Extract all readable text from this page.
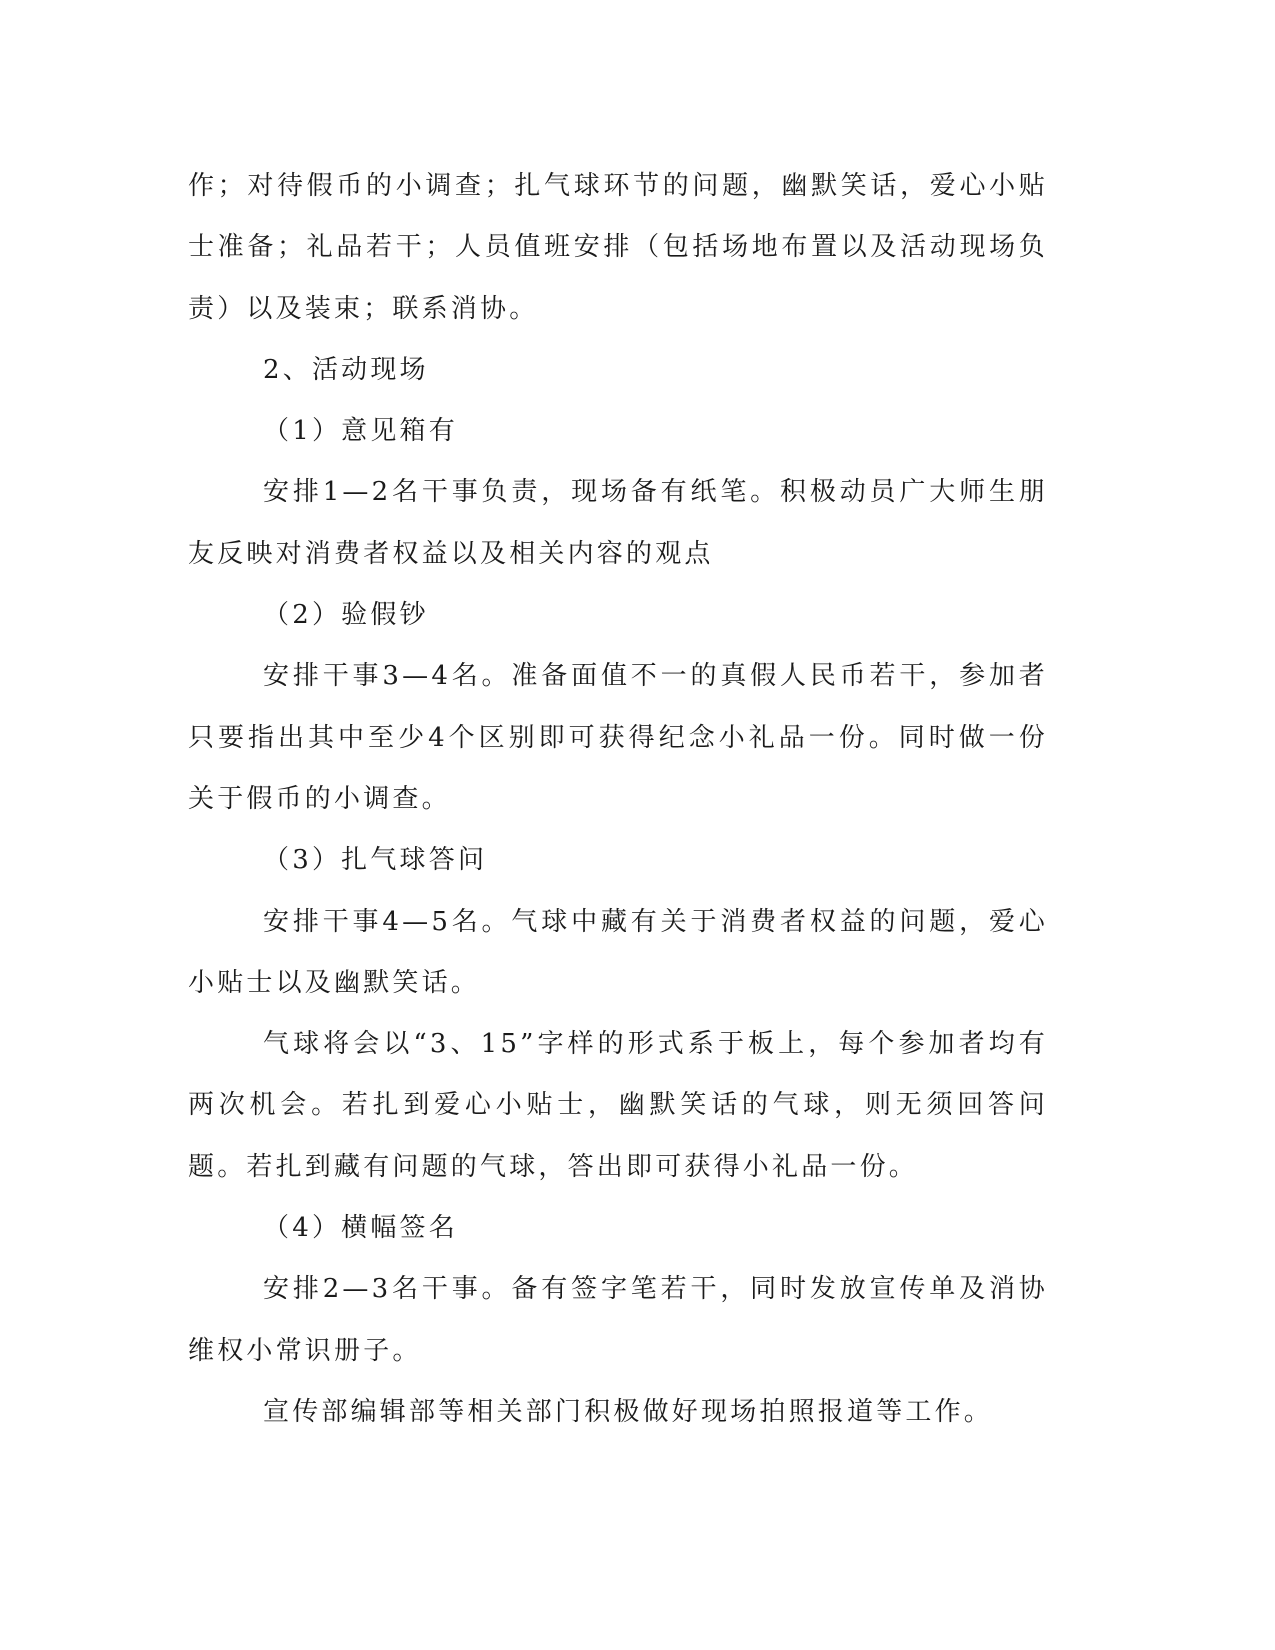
作；对待假币的小调查；扎气球环节的问题，幽默笑话，爱心小贴士准备；礼品若干；人员值班安排（包括场地布置以及活动现场负责）以及装束；联系消协。

2、活动现场

（1）意见箱有

安排1—2名干事负责，现场备有纸笔。积极动员广大师生朋友反映对消费者权益以及相关内容的观点

（2）验假钞

安排干事3—4名。准备面值不一的真假人民币若干，参加者只要指出其中至少4个区别即可获得纪念小礼品一份。同时做一份关于假币的小调查。

（3）扎气球答问

安排干事4—5名。气球中藏有关于消费者权益的问题，爱心小贴士以及幽默笑话。

气球将会以“3、15”字样的形式系于板上，每个参加者均有两次机会。若扎到爱心小贴士，幽默笑话的气球，则无须回答问题。若扎到藏有问题的气球，答出即可获得小礼品一份。

（4）横幅签名

安排2—3名干事。备有签字笔若干，同时发放宣传单及消协维权小常识册子。

宣传部编辑部等相关部门积极做好现场拍照报道等工作。
